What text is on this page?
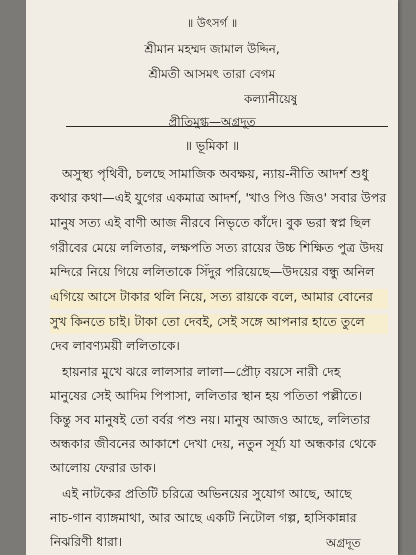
॥ উৎসর্গ ॥
শ্রীমান মহম্মদ জামাল উদ্দিন,
শ্রীমতী আসমৎ তারা বেগম
কল্যানীয়েষু
প্রীতিমুগ্ধ—অগ্রদূত
॥ ভূমিকা ॥
অসুস্থ্য পৃথিবী, চলছে সামাজিক অবক্ষয়, ন্যায়-নীতি আদর্শ শুধু
কথার কথা—এই যুগের একমাত্র আদর্শ, 'খাও পিও জিও' সবার উপর
মানুষ সত্য এই বাণী আজ নীরবে নিভৃতে কাঁদে। বুক ভরা স্বপ্ন ছিল
গরীবের মেয়ে ললিতার, লক্ষপতি সত্য রায়ের উচ্চ শিক্ষিত পুত্র উদয়
মন্দিরে নিয়ে গিয়ে ললিতাকে সিঁদুর পরিয়েছে—উদয়ের বন্ধু অনিল
এগিয়ে আসে টাকার থলি নিয়ে, সত্য রায়কে বলে, আমার বোনের
সুখ কিনতে চাই। টাকা তো দেবই, সেই সঙ্গে আপনার হাতে তুলে
দেব লাবণ্যময়ী ললিতাকে।
হায়নার মুখে ঝরে লালসার লালা—প্রৌঢ় বয়সে নারী দেহ
মানুষের সেই আদিম পিপাসা, ললিতার স্থান হয় পতিতা পল্লীতে।
কিন্তু সব মানুষই তো বর্বর পশু নয়। মানুষ আজও আছে, ললিতার
অন্ধকার জীবনের আকাশে দেখা দেয়, নতুন সূর্য্য যা অন্ধকার থেকে
আলোয় ফেরার ডাক।
এই নাটকের প্রতিটি চরিত্রে অভিনয়ের সুযোগ আছে, আছে
নাচ-গান ব্যাঙ্গমাথা, আর আছে একটি নিটোল গল্প, হাসিকান্নার
নিঝরিণী ধারা।	অগ্রদূত
